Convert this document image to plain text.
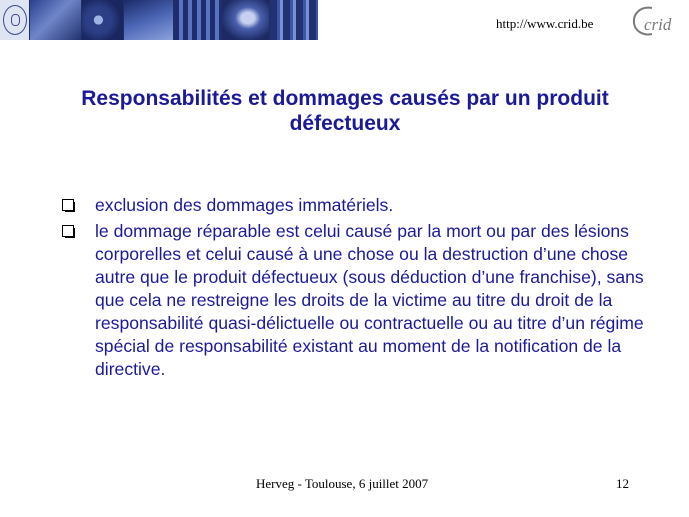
http://www.crid.be	crid
Responsabilités et dommages causés par un produit défectueux
exclusion des dommages immatériels.
le dommage réparable est celui causé par la mort ou par des lésions corporelles et celui causé à une chose ou la destruction d’une chose autre que le produit défectueux (sous déduction d’une franchise), sans que cela ne restreigne les droits de la victime au titre du droit de la responsabilité quasi-délictuelle ou contractuelle ou au titre d’un régime spécial de responsabilité existant au moment de la notification de la directive.
Herveg - Toulouse, 6 juillet 2007	12
